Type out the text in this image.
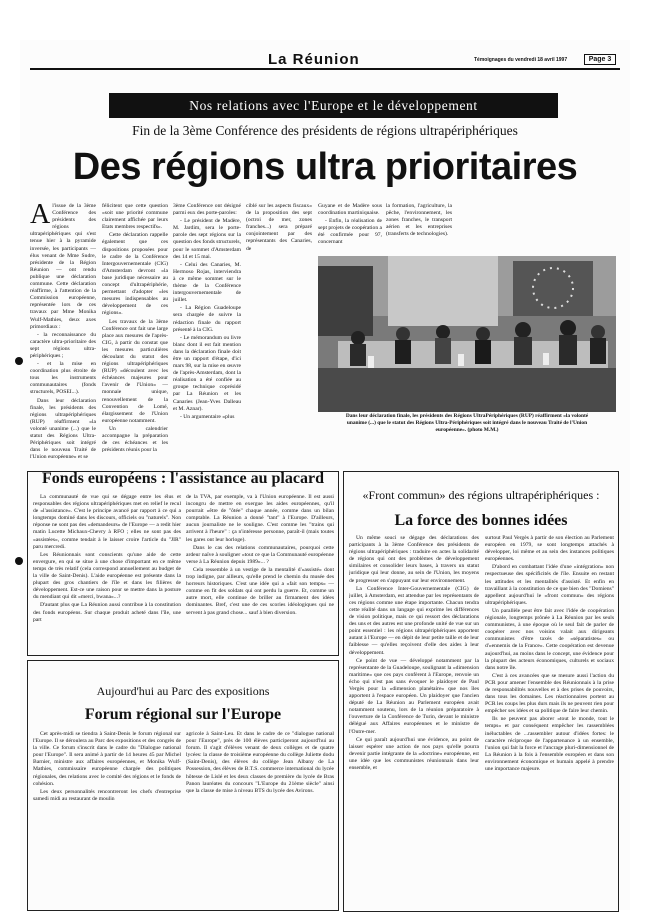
La Réunion	Témoignages du vendredi 18 avril 1997	Page 3
Nos relations avec l'Europe et le développement
Fin de la 3ème Conférence des présidents de régions ultrapériphériques
Des régions ultra prioritaires
A l'issue de la 3ème Conférence des présidents des régions ultrapériphériques qui s'est tenue hier à la pyramide inversée, les participants — élus venant de Mme Sudre, présidente de la Région Réunion — ont rendu publique une déclaration commune. Cette déclaration réaffirme, à l'attention de la Commission européenne, représentée lors de ces travaux par Mme Monika Wulf-Mathies, deux axes primordiaux :

- la reconnaissance du caractère ultra-prioritaire des sept régions ultra-périphériques ;

- et la mise en coordination plus étroite de tous les instruments communautaires (fonds structurels, POSEI...).

Dans leur déclaration finale, les présidents des régions ultrapériphériques (RUP) réaffirment «la volonté unanime (...) que le statut des Régions Ultra-Périphériques soit intégré dans le nouveau Traité de l'Union européenne» et se

félicitent que cette question «soit une priorité commune clairement affichée par leurs Etats membres respectifs».

Cette déclaration rappelle également que ces dispositions proposées pour le cadre de la Conférence Intergouvernementale (CIG) d'Amsterdam devront «la base juridique nécessaire au concept d'ultrapériphérie, permettant d'adopter «les mesures indispensables au développement de ces régions».

Les travaux de la 3ème Conférence ont fait une large place aux mesures de l'après-CIG, à partir du constat que les mesures particulières découlant du statut des régions ultrapériphériques (RUP) «découlent avec les échéances majeures pour l'avenir de l'Union» — monnaie unique, renouvellement de la Convention de Lomé, élargissement de l'Union européenne notamment.

Un calendrier accompagne la préparation de ces échéances et les présidents réunis pour la

3ème Conférence ont désigné parmi eux des porte-paroles:

- Le président de Madère, M. Jardim, sera le porte-parole des sept régions sur la question des fonds structurels, pour le sommet d'Amsterdam des 14 et 15 mai.

- Celui des Canaries, M. Hermoso Rojas, interviendra à ce même sommet sur le thème de la Conférence intergouvernementale de juillet.

- La Région Guadeloupe sera chargée de suivre la rédaction finale du rapport présenté à la CIG.

- Le mémorandum ou livre blanc dont il est fait mention dans la déclaration finale doit être un rapport d'étape, d'ici mars 98, sur la mise en œuvre de l'après-Amsterdam, dont la réalisation a été confiée au groupe technique coprésidé par La Réunion et les Canaries (Jean-Yves Dalleau et M. Aznar).

- Un argumentaire «plus

ciblé sur les aspects fiscaux» de la proposition des sept (octroi de mer, zones franches...) sera préparé conjointement par des représentants des Canaries, de

Guyane et de Madère sous coordination martiniquaise.

- Enfin, la réalisation de sept projets de coopération a été confirmée pour 97, concernant

la formation, l'agriculture, la pêche, l'environnement, les zones franches, le transport aérien et les entreprises (transferts de technologies).

Dans leur déclaration finale, les présidents des Régions UltraPériphériques (RUP) réaffirment «la volonté unanime (...) que le statut des Régions Ultra-Périphériques soit intégré dans le nouveau Traité de l'Union européenne». (photo M.M.)
Fonds européens : l'assistance au placard

La communauté de vue qui se dégage entre les élus et responsables des régions ultrapériphériques met en relief le recul de «l'assistance». C'est le principe avancé par rapport à ce qui a longtemps dominé dans les discours, officiels ou "naturels". Non réponse ne sont pas des «demandeurs» de l'Europe — a redit hier matin Lucette Michaux-Chevry à RFO ; elles ne sont pas des «assistées», comme tendait à le laisser croire l'article du "JIR" paru mercredi.

Les Réunionnais sont conscients qu'une aide de cette envergure, en qui se situe à une chose d'important en ce même temps de très relatif (cela correspond annuellement au budget de la ville de Saint-Denis). L'aide européenne est présente dans la plupart des gros chantiers de l'île et dans les filières de développement. Est-ce une raison pour se mettre dans la posture du mendiant qui dit «merci, bwana»...?

D'autant plus que La Réunion aussi contribue à la constitution des fonds européens. Sur chaque produit acheté dans l'île, une part

de la TVA, par exemple, va à l'Union européenne. Il est aussi incongru de mettre en exergue les aides européennes, qu'il pourrait «être de "ôtée" chaque année, comme dans un bilan comptable. La Réunion a donné "tant" à l'Europe. D'ailleurs, aucun journaliste ne le souligne. C'est comme les "trains qui arrivent à l'heure" : ça n'intéresse personne, paraît-il (mais toutes les gares ont leur horloge).

Dans le cas des relations communautaires, pourquoi cette ardeur naïve à souligner «tout ce que la Communauté européenne verse à La Réunion depuis 1989»... ?

Cela ressemble à un vestige de la mentalité d'«assisté» dont trop indigne, par ailleurs, qu'elle prend le chemin du musée des horreurs historiques. C'est une idée qui a «fait son temps» — comme en fit des soldats qui ont perdu la guerre. Et, comme un autre mort, elle continue de briller au firmament des idées dominantes. Bref, c'est une de ces scories idéologiques qui ne servent à pas grand chose... sauf à bien diversion.

«Front commun» des régions ultrapériphériques :
La force des bonnes idées

Un même souci se dégage des déclarations des participants à la 3ème Conférence des présidents de régions ultrapériphériques : traduire en actes la solidarité de régions qui ont des problèmes de développement similaires et consolider leurs bases, à travers un statut juridique qui leur donne, au sein de l'Union, les moyens de progresser en s'appuyant sur leur environnement.

La Conférence Inter-Gouvernementale (CIG) de juillet, à Amsterdam, est attendue par les représentants de ces régions comme une étape importante. Chacun tendra cette réalité dans un langage qui exprime les différences de vision politique, mais ce qui ressort des déclarations des uns et des autres est une profonde unité de vue sur un point essentiel : les régions ultrapériphériques apportent autant à l'Europe — en dépit de leur petite taille et de leur faiblesse — qu'elles reçoivent d'elle des aides à leur développement.

Ce point de vue — développé notamment par la représentante de la Guadeloupe, soulignant la «dimension maritime» que ces pays confèrent à l'Europe, renvoie un écho qui n'est pas sans évoquer le plaidoyer de Paul Vergès pour la «dimension planétaire» que nos îles apportent à l'espace européen. Un plaidoyer que l'ancien député de La Réunion au Parlement européen avait notamment soutenu, lors de la réunion préparatoire à l'ouverture de la Conférence de Turin, devant le ministre délégué aux Affaires européennes et le ministre de l'Outre-mer.

Ce qui paraît aujourd'hui une évidence, au point de laisser espérer une action de nos pays qu'elle pourra devenir partie intégrante de la «doctrine» européenne, est une idée que les communistes réunionnais dans leur ensemble, et

surtout Paul Vergès à partir de son élection au Parlement européen en 1979, se sont longtemps attachés à développer, loi même et au sein des instances politiques européennes.

D'abord en combattant l'idée d'une «intégration» non respectueuse des spécificités de l'île. Ensuite en restant les attitudes et les mentalités d'assisté. Et enfin en travaillant à la constitution de ce que bien des "Domiens" appellent aujourd'hui le «front commun» des régions ultrapériphériques.

Un parallèle peut être fait avec l'idée de coopération régionale, longtemps prônée à La Réunion par les seuls communistes, à une époque où le seul fait de parler de coopérer avec nos voisins valait aux dirigeants communistes d'être taxés de «séparatistes» ou d'«ennemis de la France». Cette coopération est devenue aujourd'hui, au moins dans le concept, une évidence pour la plupart des acteurs économiques, culturels et sociaux dans notre île.

C'est à ces avancées que se mesure aussi l'action du PCR pour amener l'ensemble des Réunionnais à la prise de responsabilités nouvelles et à des prises de pouvoirs, dans tous les domaines. Les réactionnaires portent au PCR les coups les plus durs mais ils ne peuvent rien pour empêcher ses idées et sa politique de faire leur chemin.

Ils ne peuvent pas aborer «tout le monde, tout le temps» et par conséquent empêcher les rassemblées inéluctables de ...rassembler autour d'idées fortes: le caractère réciproque de l'appartenance à un ensemble, l'union qui fait la force et l'ancrage pluri-dimensionnel de La Réunion à la fois à l'ensemble européen et dans son environnement économique et humain appelé à prendre une importance majeure.

Aujourd'hui au Parc des expositions
Forum régional sur l'Europe

Cet après-midi se tiendra à Saint-Denis le forum régional sur l'Europe. Il se déroulera au Parc des expositions et des congrès de la ville. Ce forum s'inscrit dans le cadre du "Dialogue national pour l'Europe". Il sera animé à partir de 14 heures 45 par Michel Barnier, ministre aux affaires européennes, et Monika Wulf-Mathies, commissaire européenne chargée des politiques régionales, des relations avec le comité des régions et le fonds de cohésion.

Les deux personnalités rencontreront les chefs d'entreprise samedi midi au restaurant de moulin

agricole à Saint-Leu. Et dans le cadre de ce "dialogue national pour l'Europe", près de 100 élèves participeront aujourd'hui au forum. Il s'agit d'élèves venant de deux collèges et de quatre lycées: la classe de troisième européenne du collège Juliette dodu (Saint-Denis), des élèves du collège Jean Albany de La Possession, des élèves de B.T.S. commerce international du lycée hôtesse de Lislé et les deux classes de première du lycée de Bras Panon lauréates du concours "L'Europe du 21ème siècle" ainsi que la classe de mise à niveau BTS du lycée des Avirons.
